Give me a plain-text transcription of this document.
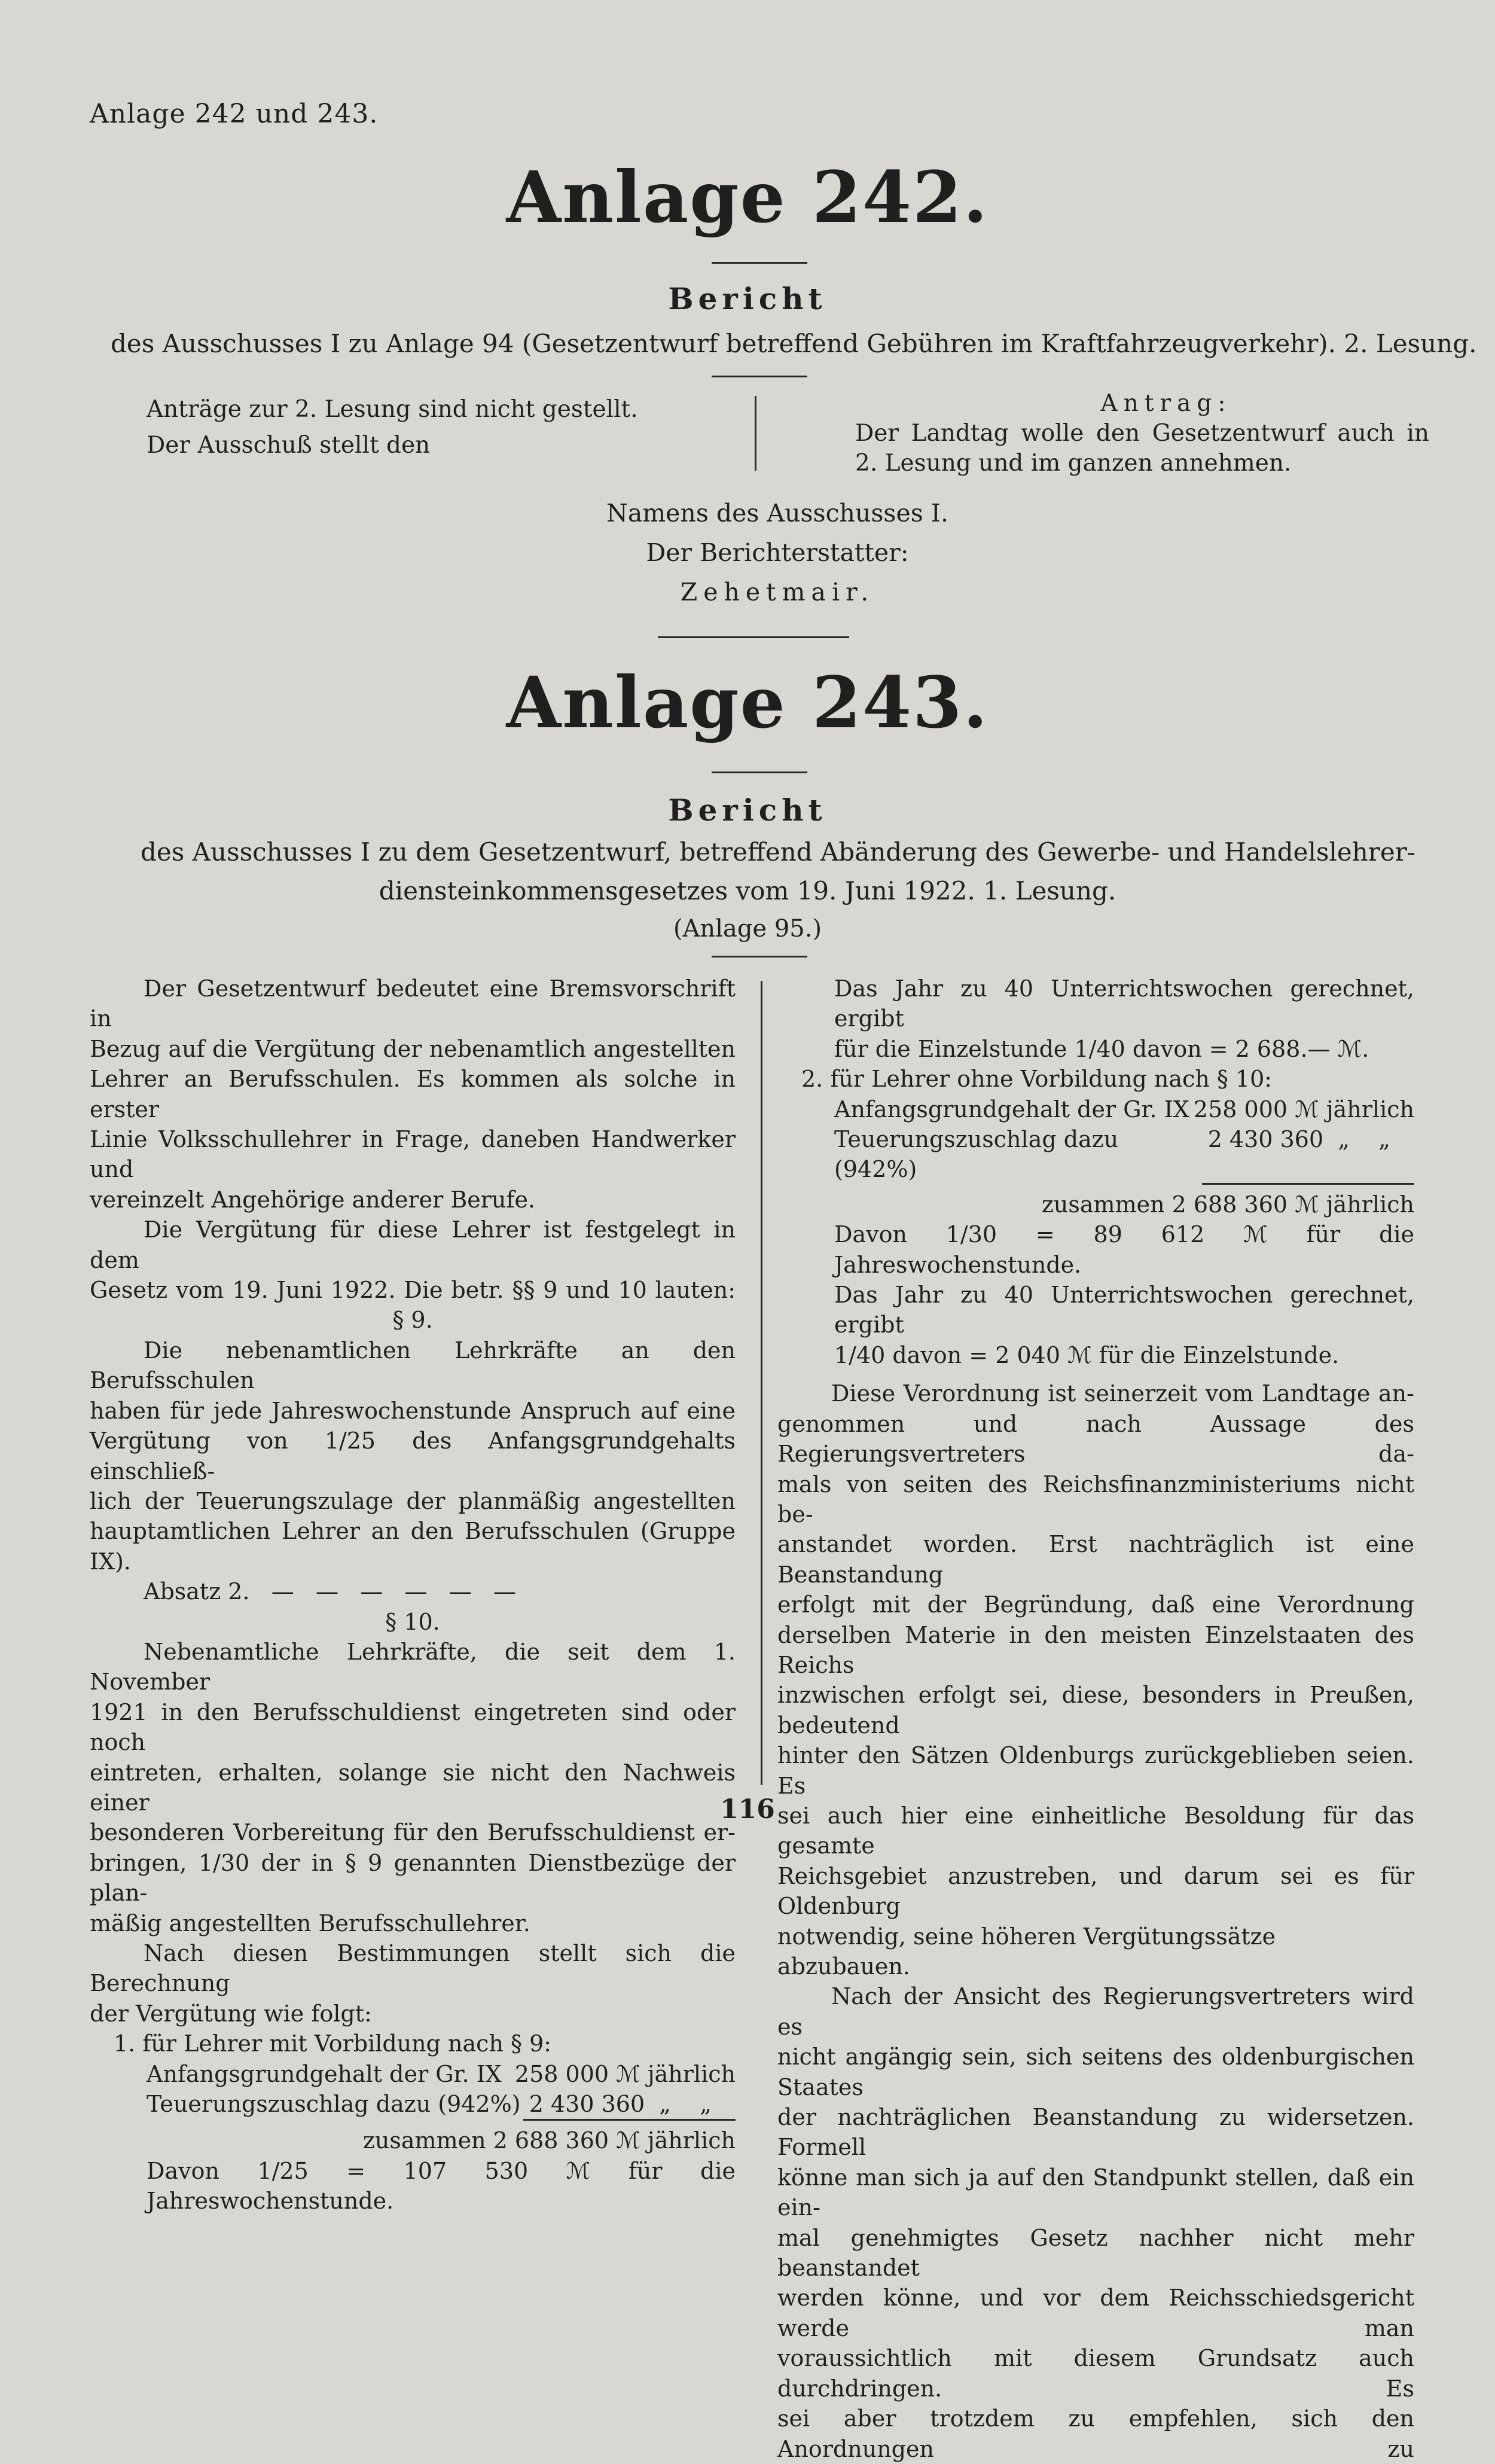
Anlage 242 und 243.
Anlage 242.
Bericht
des Ausschusses I zu Anlage 94 (Gesetzentwurf betreffend Gebühren im Kraftfahrzeugverkehr). 2. Lesung.

Anträge zur 2. Lesung sind nicht gestellt.

Der Ausschuß stellt den

Antrag:

Der Landtag wolle den Gesetzentwurf auch in

2. Lesung und im ganzen annehmen.

Namens des Ausschusses I.

Der Berichterstatter:

Zehetmair.

Anlage 243.
Bericht
des Ausschusses I zu dem Gesetzentwurf, betreffend Abänderung des Gewerbe- und Handelslehrer-
diensteinkommensgesetzes vom 19. Juni 1922. 1. Lesung.
(Anlage 95.)

Der Gesetzentwurf bedeutet eine Bremsvorschrift in

Bezug auf die Vergütung der nebenamtlich angestellten

Lehrer an Berufsschulen. Es kommen als solche in erster

Linie Volksschullehrer in Frage, daneben Handwerker und

vereinzelt Angehörige anderer Berufe.

Die Vergütung für diese Lehrer ist festgelegt in dem

Gesetz vom 19. Juni 1922. Die betr. §§ 9 und 10 lauten:

§ 9.

Die nebenamtlichen Lehrkräfte an den Berufsschulen

haben für jede Jahreswochenstunde Anspruch auf eine

Vergütung von 1/25 des Anfangsgrundgehalts einschließ-

lich der Teuerungszulage der planmäßig angestellten

hauptamtlichen Lehrer an den Berufsschulen (Gruppe IX).

Absatz 2.   —   —   —   —   —   —

§ 10.

Nebenamtliche Lehrkräfte, die seit dem 1. November

1921 in den Berufsschuldienst eingetreten sind oder noch

eintreten, erhalten, solange sie nicht den Nachweis einer

besonderen Vorbereitung für den Berufsschuldienst er-

bringen, 1/30 der in § 9 genannten Dienstbezüge der plan-

mäßig angestellten Berufsschullehrer.

Nach diesen Bestimmungen stellt sich die Berechnung

der Vergütung wie folgt:

1. für Lehrer mit Vorbildung nach § 9:

Anfangsgrundgehalt der Gr. IX 258 000 ℳ jährlich
Teuerungszuschlag dazu (942%) 2 430 360  „    „

zusammen 2 688 360 ℳ jährlich

Davon 1/25 = 107 530 ℳ für die Jahreswochenstunde.

Das Jahr zu 40 Unterrichtswochen gerechnet, ergibt

für die Einzelstunde 1/40 davon = 2 688.— ℳ.

2. für Lehrer ohne Vorbildung nach § 10:

Anfangsgrundgehalt der Gr. IX 258 000 ℳ jährlich
Teuerungszuschlag dazu (942%)
2 430 360  „    „

zusammen 2 688 360 ℳ jährlich

Davon 1/30 = 89 612 ℳ für die Jahreswochenstunde.

Das Jahr zu 40 Unterrichtswochen gerechnet, ergibt

1/40 davon = 2 040 ℳ für die Einzelstunde.

Diese Verordnung ist seinerzeit vom Landtage an-

genommen und nach Aussage des Regierungsvertreters da-

mals von seiten des Reichsfinanzministeriums nicht be-

anstandet worden. Erst nachträglich ist eine Beanstandung

erfolgt mit der Begründung, daß eine Verordnung

derselben Materie in den meisten Einzelstaaten des Reichs

inzwischen erfolgt sei, diese, besonders in Preußen, bedeutend

hinter den Sätzen Oldenburgs zurückgeblieben seien. Es

sei auch hier eine einheitliche Besoldung für das gesamte

Reichsgebiet anzustreben, und darum sei es für Oldenburg

notwendig, seine höheren Vergütungssätze abzubauen.

Nach der Ansicht des Regierungsvertreters wird es

nicht angängig sein, sich seitens des oldenburgischen Staates

der nachträglichen Beanstandung zu widersetzen. Formell

könne man sich ja auf den Standpunkt stellen, daß ein ein-

mal genehmigtes Gesetz nachher nicht mehr beanstandet

werden könne, und vor dem Reichsschiedsgericht werde man

voraussichtlich mit diesem Grundsatz auch durchdringen. Es

sei aber trotzdem zu empfehlen, sich den Anordnungen zu

116
